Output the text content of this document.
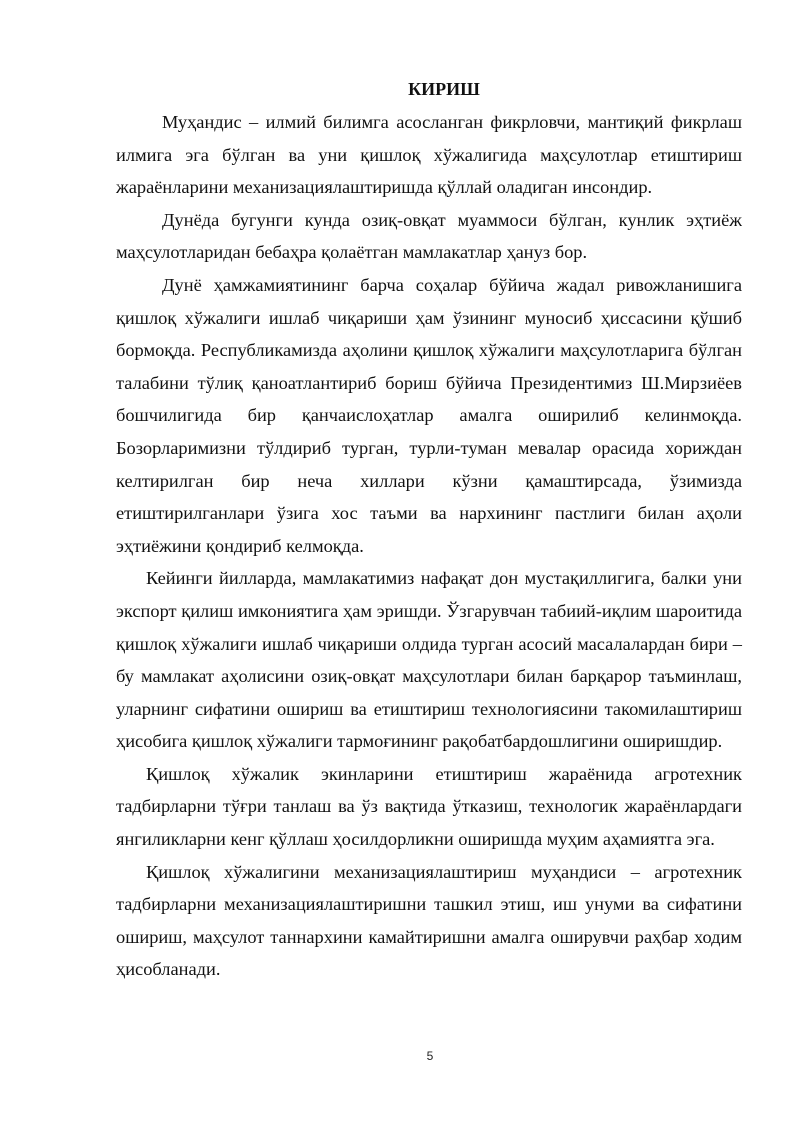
КИРИШ

Муҳандис – илмий билимга асосланган фикрловчи, мантиқий фикрлаш илмига эга бўлган ва уни қишлоқ хўжалигида маҳсулотлар етиштириш жараёнларини механизациялаштиришда қўллай оладиган инсондир.

Дунёда бугунги кунда озиқ-овқат муаммоси бўлган, кунлик эҳтиёж маҳсулотларидан бебаҳра қолаётган мамлакатлар ҳануз бор.

Дунё ҳамжамиятининг барча соҳалар бўйича жадал ривожланишига қишлоқ хўжалиги ишлаб чиқариши ҳам ўзининг муносиб ҳиссасини қўшиб бормоқда. Республикамизда аҳолини қишлоқ хўжалиги маҳсулотларига бўлган талабини тўлиқ қаноатлантириб бориш бўйича Президентимиз Ш.Мирзиёев бошчилигида бир қанчаислоҳатлар амалга оширилиб келинмоқда. Бозорларимизни тўлдириб турган, турли-туман мевалар орасида хориждан келтирилган бир неча хиллари кўзни қамаштирсада, ўзимизда етиштирилганлари ўзига хос таъми ва нархининг пастлиги билан аҳоли эҳтиёжини қондириб келмоқда.

Кейинги йилларда, мамлакатимиз нафақат дон мустақиллигига, балки уни экспорт қилиш имкониятига ҳам эришди. Ўзгарувчан табиий-иқлим шароитида қишлоқ хўжалиги ишлаб чиқариши олдида турган асосий масалалардан бири – бу мамлакат аҳолисини озиқ-овқат маҳсулотлари билан барқарор таъминлаш, уларнинг сифатини ошириш ва етиштириш технологиясини такомилаштириш ҳисобига қишлоқ хўжалиги тармоғининг рақобатбардошлигини оширишдир.

Қишлоқ хўжалик экинларини етиштириш жараёнида агротехник тадбирларни тўғри танлаш ва ўз вақтида ўтказиш, технологик жараёнлардаги янгиликларни кенг қўллаш ҳосилдорликни оширишда муҳим аҳамиятга эга.

Қишлоқ хўжалигини механизациялаштириш муҳандиси – агротехник тадбирларни механизациялаштиришни ташкил этиш, иш унуми ва сифатини ошириш, маҳсулот таннархини камайтиришни амалга оширувчи раҳбар ходим ҳисобланади.

5
